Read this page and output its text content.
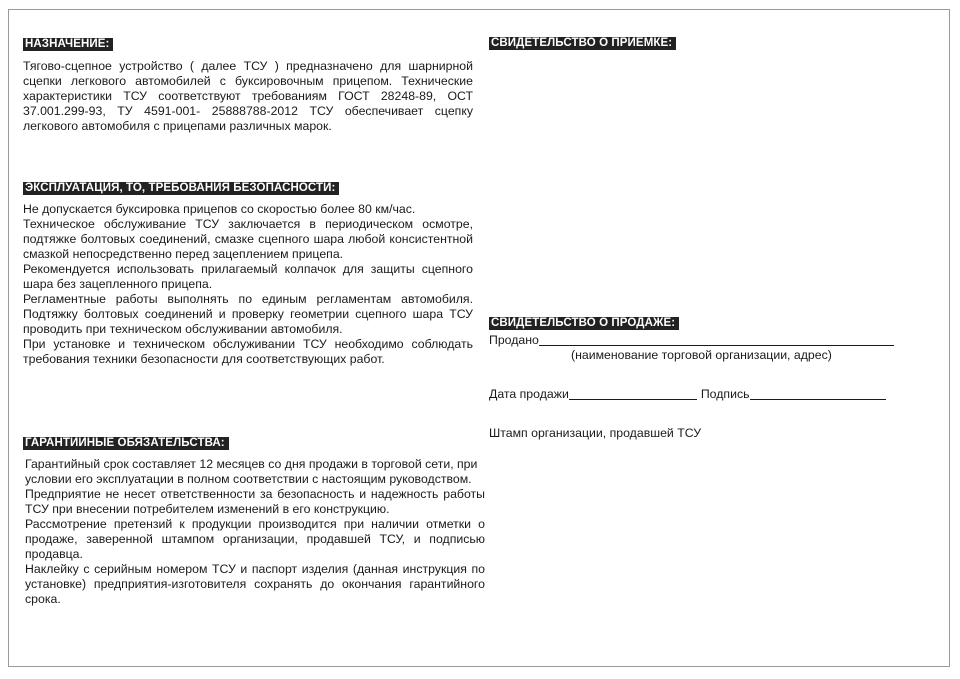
НАЗНАЧЕНИЕ:

Тягово-сцепное устройство ( далее ТСУ ) предназначено для шарнирной сцепки легкового автомобилей с буксировочным прицепом. Технические характеристики ТСУ соответствуют требованиям ГОСТ 28248-89, ОСТ 37.001.299-93, ТУ 4591-001- 25888788-2012 ТСУ обеспечивает сцепку легкового автомобиля с прицепами различных марок.

ЭКСПЛУАТАЦИЯ, ТО, ТРЕБОВАНИЯ БЕЗОПАСНОСТИ:

Не допускается буксировка прицепов со скоростью более 80 км/час.

Техническое обслуживание ТСУ заключается в периодическом осмотре, подтяжке болтовых соединений, смазке сцепного шара любой консистентной смазкой непосредственно перед зацеплением прицепа.

Рекомендуется использовать прилагаемый колпачок для защиты сцепного шара без зацепленного прицепа.

Регламентные работы выполнять по единым регламентам автомобиля. Подтяжку болтовых соединений и проверку геометрии сцепного шара ТСУ проводить при техническом обслуживании автомобиля.

При установке и техническом обслуживании ТСУ необходимо соблюдать требования техники безопасности для соответствующих работ.

ГАРАНТИЙНЫЕ ОБЯЗАТЕЛЬСТВА:

Гарантийный срок составляет 12 месяцев со дня продажи в торговой сети, при условии его эксплуатации в полном соответствии с настоящим руководством.

Предприятие не несет ответственности за безопасность и надежность работы ТСУ при внесении потребителем изменений в его конструкцию.

Рассмотрение претензий к продукции производится при наличии отметки о продаже, заверенной штампом организации, продавшей ТСУ, и подписью продавца.

Наклейку с серийным номером ТСУ и паспорт изделия (данная инструкция по установке) предприятия-изготовителя сохранять до окончания гарантийного срока.

СВИДЕТЕЛЬСТВО О ПРИЕМКЕ:
СВИДЕТЕЛЬСТВО О ПРОДАЖЕ:
Продано
(наименование торговой организации, адрес)
Дата продажи	Подпись
Штамп организации, продавшей ТСУ
